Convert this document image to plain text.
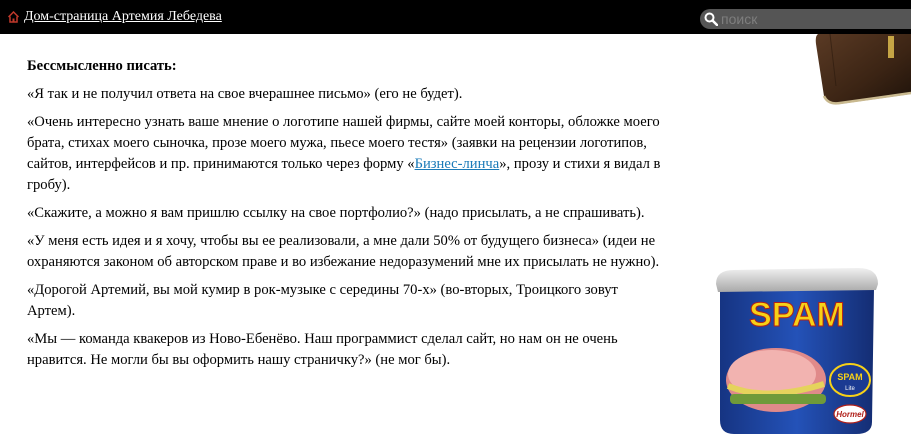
Дом-страница Артемия Лебедева
поиск
Бессмысленно писать:

«Я так и не получил ответа на свое вчерашнее письмо» (его не будет).

«Очень интересно узнать ваше мнение о логотипе нашей фирмы, сайте моей конторы, обложке моего брата, стихах моего сыночка, прозе моего мужа, пьесе моего тестя» (заявки на рецензии логотипов, сайтов, интерфейсов и пр. принимаются только через форму «Бизнес-линча», прозу и стихи я видал в гробу).

«Скажите, а можно я вам пришлю ссылку на свое портфолио?» (надо присылать, а не спрашивать).

«У меня есть идея и я хочу, чтобы вы ее реализовали, а мне дали 50% от будущего бизнеса» (идеи не охраняются законом об авторском праве и во избежание недоразумений мне их присылать не нужно).

«Дорогой Артемий, вы мой кумир в рок-музыке с середины 70-х» (во-вторых, Троицкого зовут Артем).

«Мы — команда квакеров из Ново-Ебенёво. Наш программист сделал сайт, но нам он не очень нравится. Не могли бы вы оформить нашу страничку?» (не мог бы).

SPAM
SPAM
Lite
Hormel
